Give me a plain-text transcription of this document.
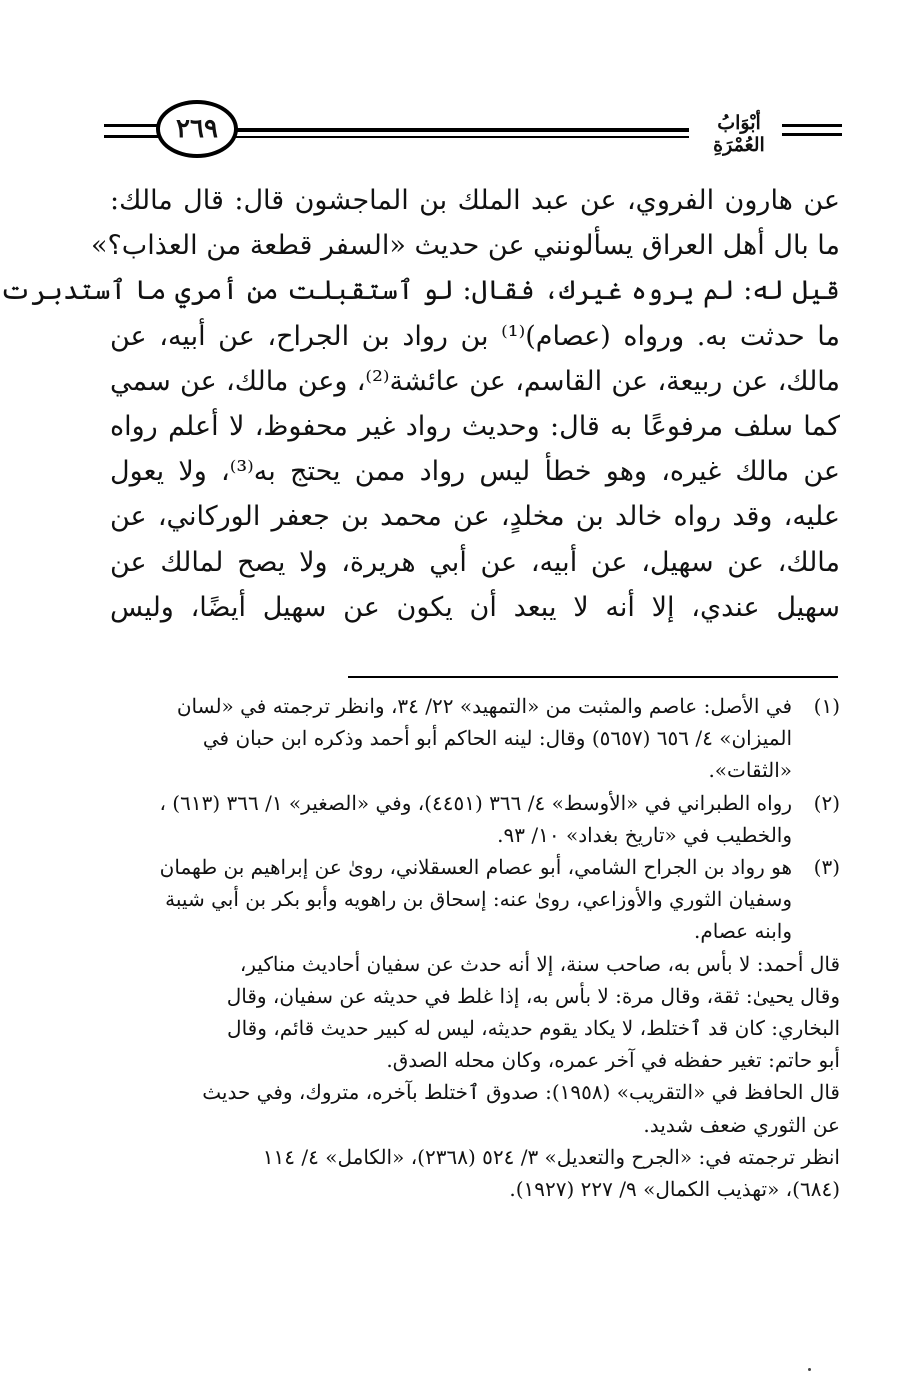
٢٦٩	أبْوَابُ العُمْرَةِ
عن هارون الفروي، عن عبد الملك بن الماجشون قال: قال مالك:
ما بال أهل العراق يسألونني عن حديث «السفر قطعة من العذاب؟»
قيل له: لم يروه غيرك، فقال: لو ٱستقبلت من أمري ما ٱستدبرت
ما حدثت به. ورواه (عصام)⁽¹⁾ بن رواد بن الجراح، عن أبيه، عن
مالك، عن ربيعة، عن القاسم، عن عائشة⁽²⁾، وعن مالك، عن سمي
كما سلف مرفوعًا به قال: وحديث رواد غير محفوظ، لا أعلم رواه
عن مالك غيره، وهو خطأ ليس رواد ممن يحتج به⁽³⁾، ولا يعول
عليه، وقد رواه خالد بن مخلدٍ، عن محمد بن جعفر الوركاني، عن
مالك، عن سهيل، عن أبيه، عن أبي هريرة، ولا يصح لمالك عن
سهيل عندي، إلا أنه لا يبعد أن يكون عن سهيل أيضًا، وليس
(١)
في الأصل: عاصم والمثبت من «التمهيد» ٢٢/ ٣٤، وانظر ترجمته في «لسان
الميزان» ٤/ ٦٥٦ (٥٦٥٧) وقال: لينه الحاكم أبو أحمد وذكره ابن حبان في
«الثقات».
(٢)
رواه الطبراني في «الأوسط» ٤/ ٣٦٦ (٤٤٥١)، وفي «الصغير» ١/ ٣٦٦ (٦١٣) ،
والخطيب في «تاريخ بغداد» ١٠/ ٩٣.
(٣)
هو رواد بن الجراح الشامي، أبو عصام العسقلاني، روىٰ عن إبراهيم بن طهمان
وسفيان الثوري والأوزاعي، روىٰ عنه: إسحاق بن راهويه وأبو بكر بن أبي شيبة
وابنه عصام.
قال أحمد: لا بأس به، صاحب سنة، إلا أنه حدث عن سفيان أحاديث مناكير،
وقال يحيىٰ: ثقة، وقال مرة: لا بأس به، إذا غلط في حديثه عن سفيان، وقال
البخاري: كان قد ٱختلط، لا يكاد يقوم حديثه، ليس له كبير حديث قائم، وقال
أبو حاتم: تغير حفظه في آخر عمره، وكان محله الصدق.
قال الحافظ في «التقريب» (١٩٥٨): صدوق ٱختلط بآخره، متروك، وفي حديث
عن الثوري ضعف شديد.
انظر ترجمته في: «الجرح والتعديل» ٣/ ٥٢٤ (٢٣٦٨)، «الكامل» ٤/ ١١٤
(٦٨٤)، «تهذيب الكمال» ٩/ ٢٢٧ (١٩٢٧).
